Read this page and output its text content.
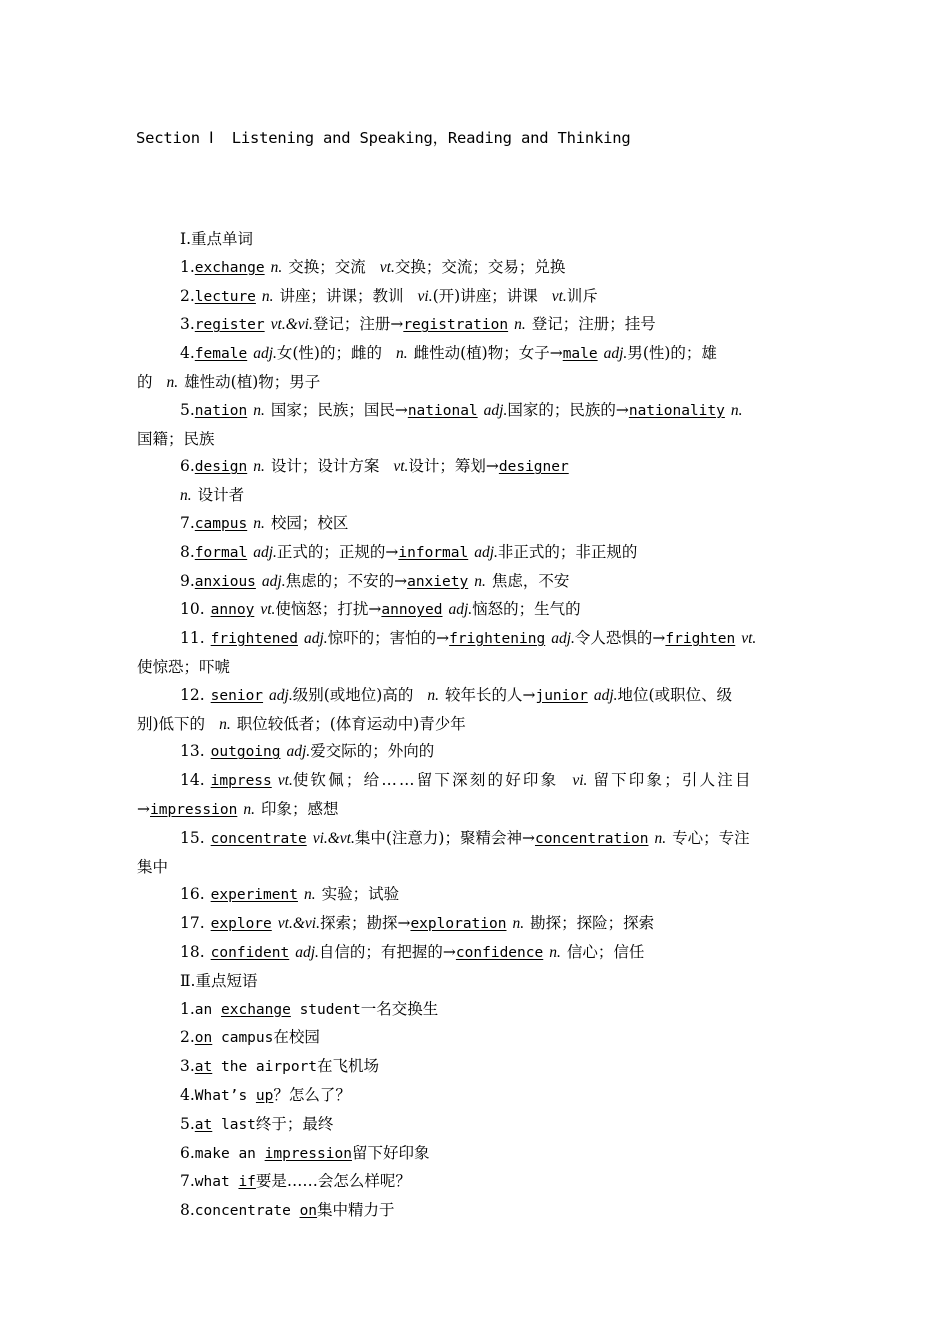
Section Ⅰ  Listening and Speaking，Reading and Thinking
Ⅰ.重点单词
1.exchange n. 交换；交流 vt.交换；交流；交易；兑换
2.lecture n. 讲座；讲课；教训 vi.(开)讲座；讲课 vt.训斥
3.register vt.&vi.登记；注册→registration n. 登记；注册；挂号
4.female adj.女(性)的；雌的 n. 雌性动(植)物；女子→male adj.男(性)的；雄
的 n. 雄性动(植)物；男子
5.nation n. 国家；民族；国民→national adj.国家的；民族的→nationality n.
国籍；民族
6.design n. 设计；设计方案 vt.设计；筹划→designer
n. 设计者
7.campus n. 校园；校区
8.formal adj.正式的；正规的→informal adj.非正式的；非正规的
9.anxious adj.焦虑的；不安的→anxiety n. 焦虑，不安
10. annoy vt.使恼怒；打扰→annoyed adj.恼怒的；生气的
11. frightened adj.惊吓的；害怕的→frightening adj.令人恐惧的→frighten vt.
使惊恐；吓唬
12. senior adj.级别(或地位)高的 n. 较年长的人→junior adj.地位(或职位、级
别)低下的 n. 职位较低者；(体育运动中)青少年
13. outgoing adj.爱交际的；外向的
14. impress vt.使钦佩；给……留下深刻的好印象 vi. 留下印象；引人注目
→impression n. 印象；感想
15. concentrate vi.&vt.集中(注意力)；聚精会神→concentration n. 专心；专注
集中
16. experiment n. 实验；试验
17. explore vt.&vi.探索；勘探→exploration n. 勘探；探险；探索
18. confident adj.自信的；有把握的→confidence n. 信心；信任
Ⅱ.重点短语
1.an exchange student一名交换生
2.on campus在校园
3.at the airport在飞机场
4.What’s up？怎么了？
5.at last终于；最终
6.make an impression留下好印象
7.what if要是……会怎么样呢？
8.concentrate on集中精力于
